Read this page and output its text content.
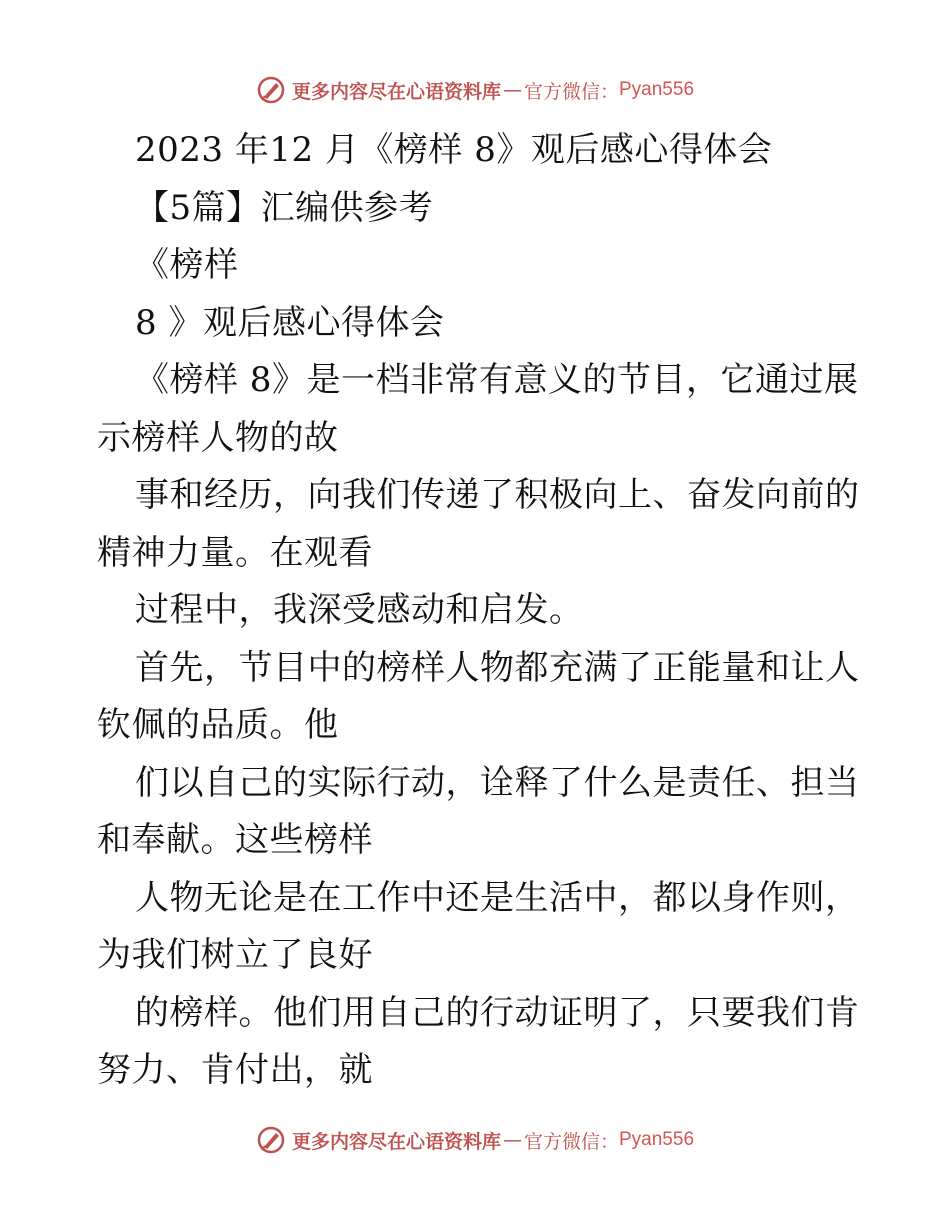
更多内容尽在心语资料库 — 官方微信： Pyan556
2023 年12 月《榜样 8》观后感心得体会
【5篇】汇编供参考
《榜样
8 》观后感心得体会
《榜样 8》是一档非常有意义的节目，它通过展
示榜样人物的故
事和经历，向我们传递了积极向上、奋发向前的
精神力量。在观看
过程中，我深受感动和启发。
首先，节目中的榜样人物都充满了正能量和让人
钦佩的品质。他
们以自己的实际行动，诠释了什么是责任、担当
和奉献。这些榜样
人物无论是在工作中还是生活中，都以身作则，
为我们树立了良好
的榜样。他们用自己的行动证明了，只要我们肯
努力、肯付出，就
更多内容尽在心语资料库 — 官方微信： Pyan556
